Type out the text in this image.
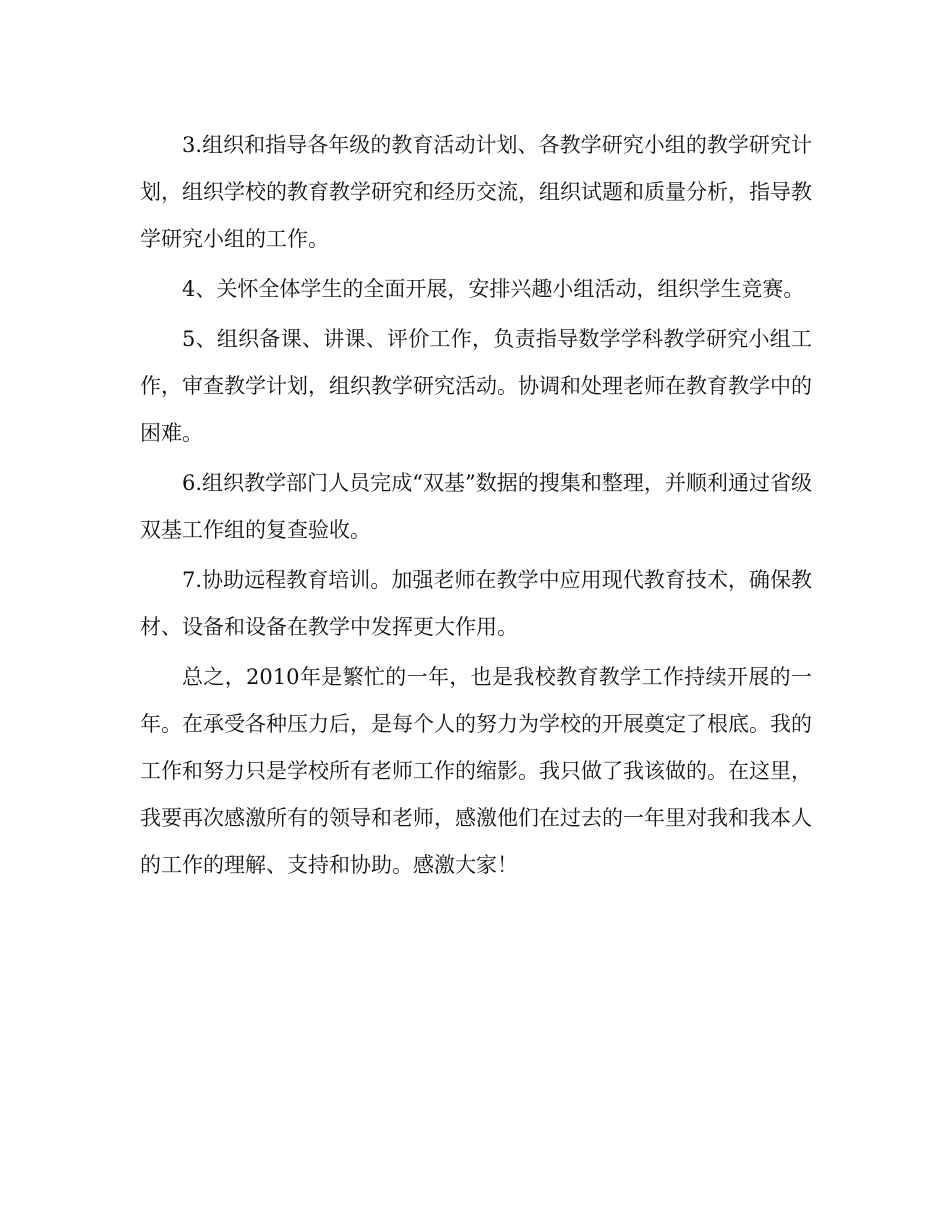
3.组织和指导各年级的教育活动计划、各教学研究小组的教学研究计划，组织学校的教育教学研究和经历交流，组织试题和质量分析，指导教学研究小组的工作。

4、关怀全体学生的全面开展，安排兴趣小组活动，组织学生竞赛。

5、组织备课、讲课、评价工作，负责指导数学学科教学研究小组工作，审查教学计划，组织教学研究活动。协调和处理老师在教育教学中的困难。

6.组织教学部门人员完成“双基”数据的搜集和整理，并顺利通过省级双基工作组的复查验收。

7.协助远程教育培训。加强老师在教学中应用现代教育技术，确保教材、设备和设备在教学中发挥更大作用。

总之，2010年是繁忙的一年，也是我校教育教学工作持续开展的一年。在承受各种压力后，是每个人的努力为学校的开展奠定了根底。我的工作和努力只是学校所有老师工作的缩影。我只做了我该做的。在这里，我要再次感激所有的领导和老师，感激他们在过去的一年里对我和我本人的工作的理解、支持和协助。感激大家！
